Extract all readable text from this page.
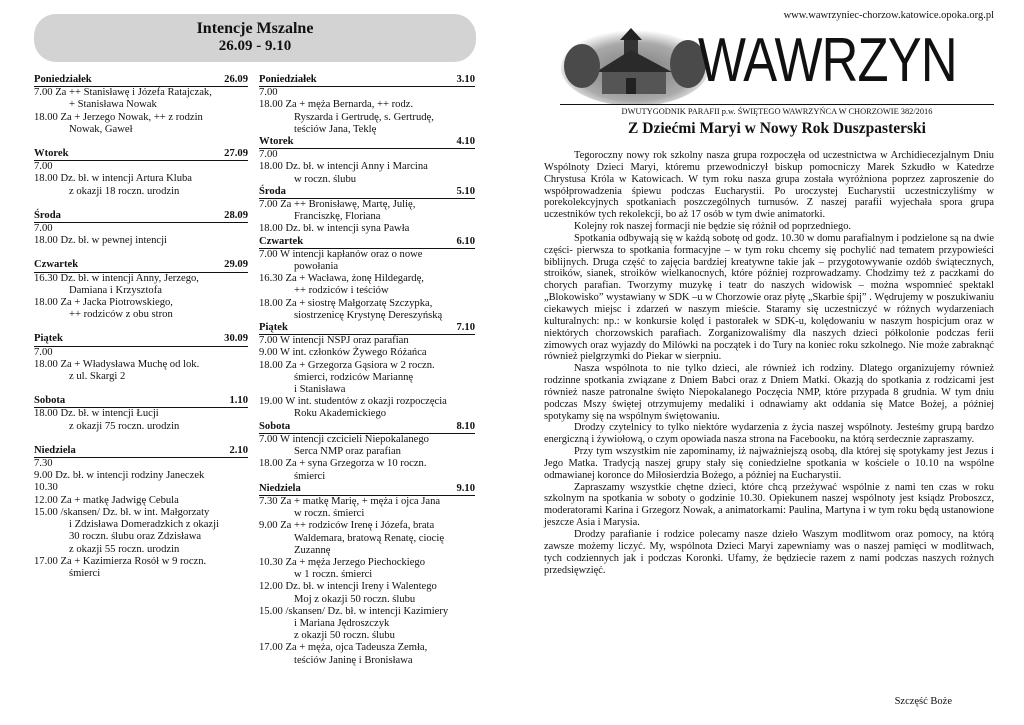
Intencje Mszalne
26.09 - 9.10
Poniedziałek	26.09
7.00 Za ++ Stanisławę i Józefa Ratajczak,
+ Stanisława Nowak
18.00 Za + Jerzego Nowak, ++ z rodzin
Nowak, Gaweł
Wtorek	27.09
7.00
18.00 Dz. bł. w intencji Artura Kluba
z okazji 18 roczn. urodzin
Środa	28.09
7.00
18.00 Dz. bł. w pewnej intencji
Czwartek	29.09
16.30 Dz. bł. w intencji Anny, Jerzego,
Damiana i Krzysztofa
18.00 Za + Jacka Piotrowskiego,
++ rodziców z obu stron
Piątek	30.09
7.00
18.00 Za + Władysława Muchę od lok.
z ul. Skargi 2
Sobota	1.10
18.00 Dz. bł. w intencji Łucji
z okazji 75 roczn. urodzin
Niedziela	2.10
7.30
9.00 Dz. bł. w intencji rodziny Janeczek
10.30
12.00 Za + matkę Jadwigę Cebula
15.00 /skansen/ Dz. bł. w int. Małgorzaty
i Zdzisława Domeradzkich z okazji
30 roczn. ślubu oraz Zdzisława
z okazji 55 roczn. urodzin
17.00 Za + Kazimierza Rosół w 9 roczn.
śmierci
Poniedziałek	3.10
7.00
18.00 Za + męża Bernarda, ++ rodz.
Ryszarda i Gertrudę, s. Gertrudę,
teściów Jana, Teklę
Wtorek	4.10
7.00
18.00 Dz. bł. w intencji Anny i Marcina
w roczn. ślubu
Środa	5.10
7.00 Za ++ Bronisławę, Martę, Julię,
Franciszkę, Floriana
18.00 Dz. bł. w intencji syna Pawła
Czwartek	6.10
7.00 W intencji kapłanów oraz o nowe
powołania
16.30 Za + Wacława, żonę Hildegardę,
++ rodziców i teściów
18.00 Za + siostrę Małgorzatę Szczypka,
siostrzenicę Krystynę Dereszyńską
Piątek	7.10
7.00 W intencji NSPJ oraz parafian
9.00 W int. członków Żywego Różańca
18.00 Za + Grzegorza Gąsiora w 2 roczn.
śmierci, rodziców Mariannę
i Stanisława
19.00 W int. studentów z okazji rozpoczęcia
Roku Akademickiego
Sobota	8.10
7.00 W intencji czcicieli Niepokalanego
Serca NMP oraz parafian
18.00 Za + syna Grzegorza w 10 roczn.
śmierci
Niedziela	9.10
7.30 Za + matkę Marię, + męża i ojca Jana
w roczn. śmierci
9.00 Za ++ rodziców Irenę i Józefa, brata
Waldemara, bratową Renatę, ciocię
Zuzannę
10.30 Za + męża Jerzego Piechockiego
w 1 roczn. śmierci
12.00 Dz. bł. w intencji Ireny i Walentego
Moj z okazji 50 roczn. ślubu
15.00 /skansen/ Dz. bł. w intencji Kazimiery
i Mariana Jędroszczyk
z okazji 50 roczn. ślubu
17.00 Za + męża, ojca Tadeusza Zemła,
teściów Janinę i Bronisława
www.wawrzyniec-chorzow.katowice.opoka.org.pl
WAWRZYN
DWUTYGODNIK PARAFII p.w. ŚWIĘTEGO WAWRZYŃCA W CHORZOWIE 382/2016
Z Dziećmi Maryi w Nowy Rok Duszpasterski

Tegoroczny nowy rok szkolny nasza grupa rozpoczęła od uczestnictwa w Archidiecezjalnym Dniu Wspólnoty Dzieci Maryi, któremu przewodniczył biskup pomocniczy Marek Szkudło w Katedrze Chrystusa Króla w Katowicach. W tym roku nasza grupa została wyróżniona poprzez zaproszenie do współprowadzenia śpiewu podczas Eucharystii. Po uroczystej Eucharystii uczestniczyliśmy w porekolekcyjnych spotkaniach poszczególnych turnusów. Z naszej parafii wyjechała spora grupa uczestników tych rekolekcji, bo aż 17 osób w tym dwie animatorki.

Kolejny rok naszej formacji nie będzie się różnił od poprzedniego.

Spotkania odbywają się w każdą sobotę od godz. 10.30 w domu parafialnym i podzielone są na dwie części- pierwsza to spotkania formacyjne – w tym roku chcemy się pochylić nad tematem przypowieści biblijnych. Druga część to zajęcia bardziej kreatywne takie jak – przygotowywanie ozdób świątecznych, stroików, sianek, stroików wielkanocnych, które później rozprowadzamy. Chodzimy też z paczkami do chorych parafian. Tworzymy muzykę i teatr do naszych widowisk – można wspomnieć spektakl „Blokowisko” wystawiany w SDK –u w Chorzowie oraz płytę „Skarbie śpij” . Wędrujemy w poszukiwaniu ciekawych miejsc i zdarzeń w naszym mieście. Staramy się uczestniczyć w różnych wydarzeniach kulturalnych: np.: w konkursie kolęd i pastorałek w SDK-u, kolędowaniu w naszym hospicjum oraz w niektórych chorzowskich parafiach. Zorganizowaliśmy dla naszych dzieci półkolonie podczas ferii zimowych oraz wyjazdy do Milówki na początek i do Tury na koniec roku szkolnego. Nie może zabraknąć również pielgrzymki do Piekar w sierpniu.

Nasza wspólnota to nie tylko dzieci, ale również ich rodziny. Dlatego organizujemy również rodzinne spotkania związane z Dniem Babci oraz z Dniem Matki. Okazją do spotkania z rodzicami jest również nasze patronalne święto Niepokalanego Poczęcia NMP, które przypada 8 grudnia. W tym dniu podczas Mszy świętej otrzymujemy medaliki i odnawiamy akt oddania się Matce Bożej, a później spotykamy się na wspólnym świętowaniu.

Drodzy czytelnicy to tylko niektóre wydarzenia z życia naszej wspólnoty. Jesteśmy grupą bardzo energiczną i żywiołową, o czym opowiada nasza strona na Facebooku, na którą serdecznie zapraszamy.

Przy tym wszystkim nie zapominamy, iż najważniejszą osobą, dla której się spotykamy jest Jezus i Jego Matka. Tradycją naszej grupy stały się coniedzielne spotkania w kościele o 10.10 na wspólne odmawianej koronce do Miłosierdzia Bożego, a później na Eucharystii.

Zapraszamy wszystkie chętne dzieci, które chcą przeżywać wspólnie z nami ten czas w roku szkolnym na spotkania w soboty o godzinie 10.30. Opiekunem naszej wspólnoty jest ksiądz Proboszcz, moderatorami Karina i Grzegorz Nowak, a animatorkami: Paulina, Martyna i w tym roku będą ustanowione jeszcze Asia i Marysia.

Drodzy parafianie i rodzice polecamy nasze dzieło Waszym modlitwom oraz pomocy, na którą zawsze możemy liczyć. My, wspólnota Dzieci Maryi zapewniamy was o naszej pamięci w modlitwach, tych codziennych jak i podczas Koronki. Ufamy, że będziecie razem z nami podczas naszych rożnych przedsięwzięć.

Szczęść Boże
